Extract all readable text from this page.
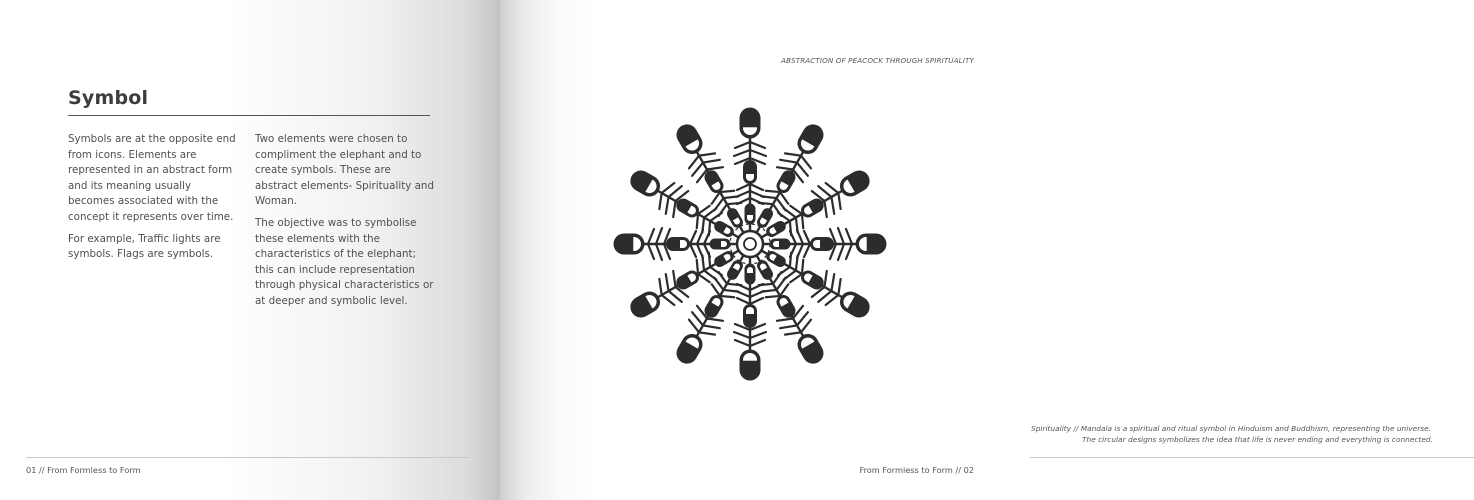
Symbol

Symbols are at the opposite end from icons. Elements are represented in an abstract form and its meaning usually becomes associated with the concept it represents over time.

For example, Traffic lights are symbols. Flags are symbols.

Two elements were chosen to compliment the elephant and to create symbols. These are abstract elements- Spirituality and Woman.

The objective was to symbolise these elements with the characteristics of the elephant; this can include representation through physical characteristics or at deeper and symbolic level.

01 // From Formless to Form
ABSTRACTION OF PEACOCK THROUGH SPIRITUALITY
Spirituality // Mandala is a spiritual and ritual symbol in Hinduism and Buddhism, representing the universe.
The circular designs symbolizes the idea that life is never ending and everything is connected.
From Formless to Form // 02
